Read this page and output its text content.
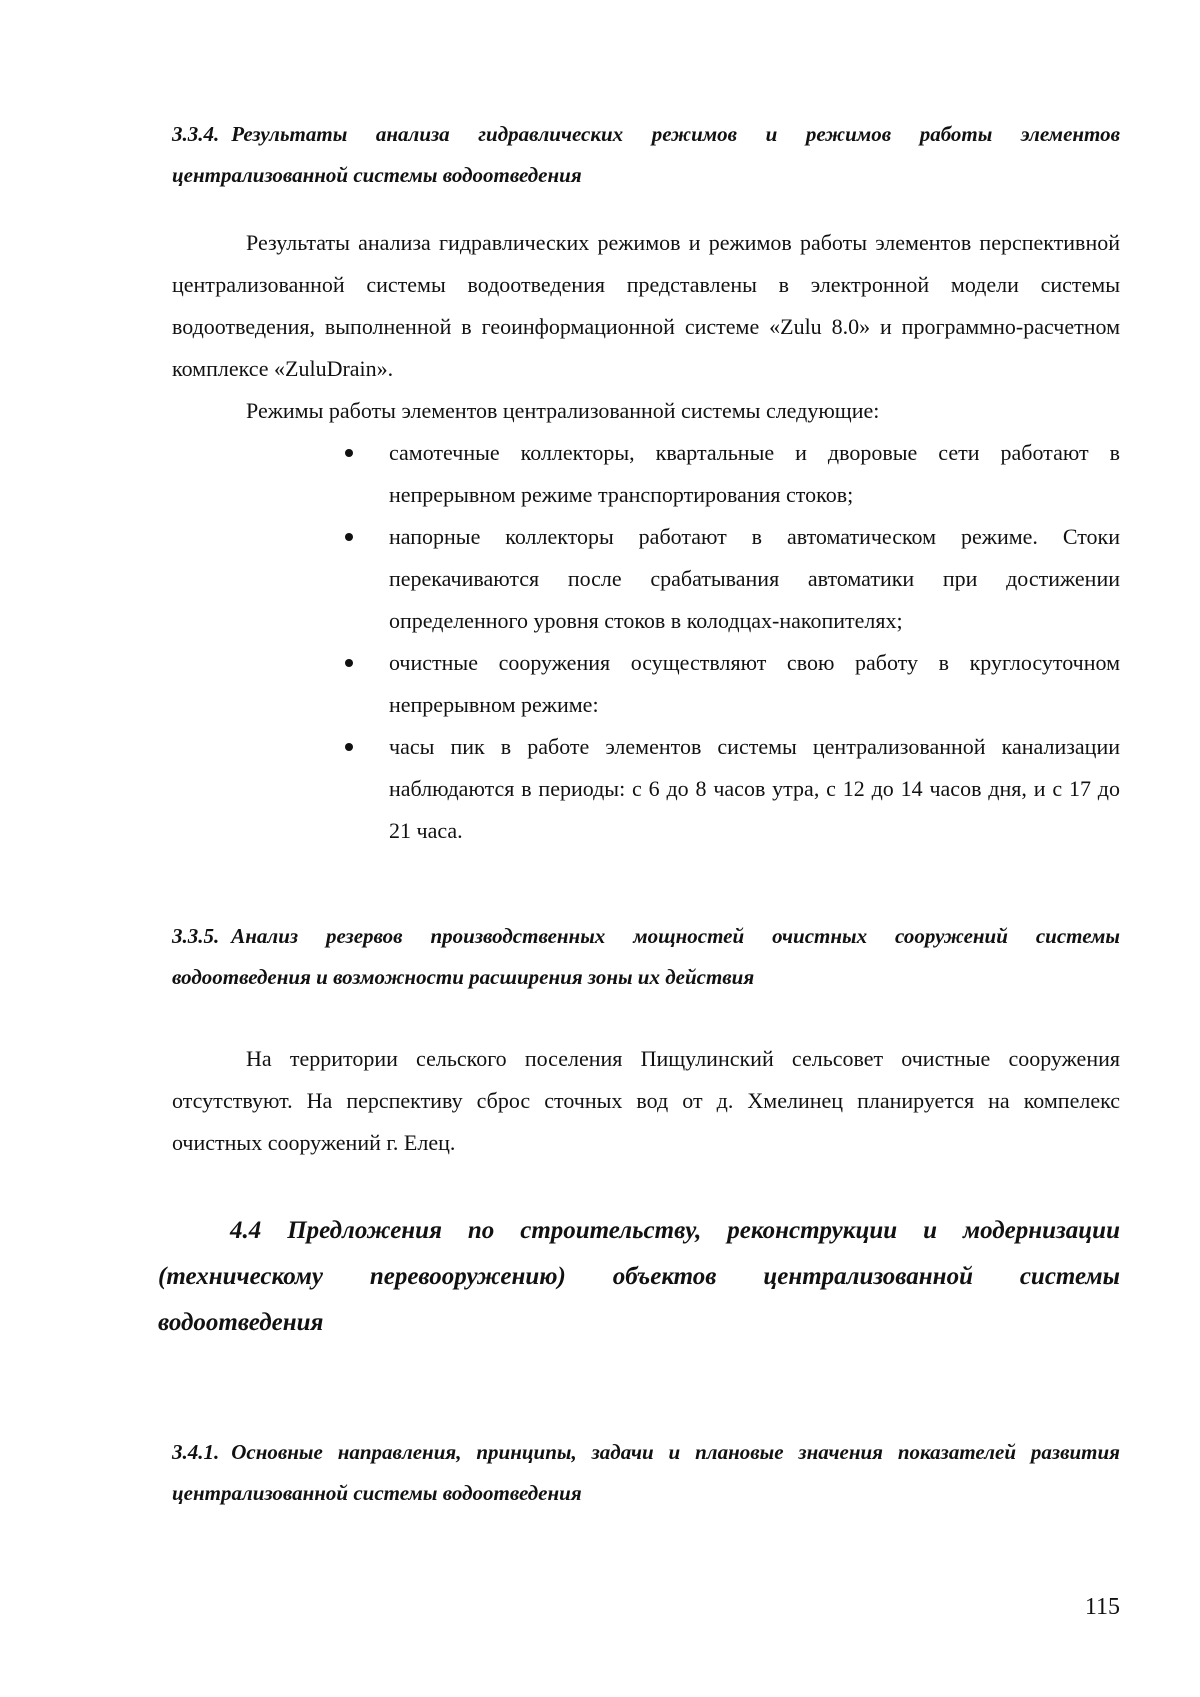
3.3.4. Результаты анализа гидравлических режимов и режимов работы элементов централизованной системы водоотведения

Результаты анализа гидравлических режимов и режимов работы элементов перспективной централизованной системы водоотведения представлены в электронной модели системы водоотведения, выполненной в геоинформационной системе «Zulu 8.0» и программно-расчетном комплексе «ZuluDrain».

Режимы работы элементов централизованной системы следующие:

самотечные коллекторы, квартальные и дворовые сети работают в непрерывном режиме транспортирования стоков;
напорные коллекторы работают в автоматическом режиме. Стоки перекачиваются после срабатывания автоматики при достижении определенного уровня стоков в колодцах-накопителях;
очистные сооружения осуществляют свою работу в круглосуточном непрерывном режиме:
часы пик в работе элементов системы централизованной канализации наблюдаются в периоды: с 6 до 8 часов утра, с 12 до 14 часов дня, и с 17 до 21 часа.

3.3.5. Анализ резервов производственных мощностей очистных сооружений системы водоотведения и возможности расширения зоны их действия

На территории сельского поселения Пищулинский сельсовет очистные сооружения отсутствуют. На перспективу сброс сточных вод от д. Хмелинец планируется на компелекс очистных сооружений г. Елец.

4.4 Предложения по строительству, реконструкции и модернизации
(техническому перевооружению) объектов централизованной системы водоотведения

3.4.1. Основные направления, принципы, задачи и плановые значения показателей развития централизованной системы водоотведения

115
